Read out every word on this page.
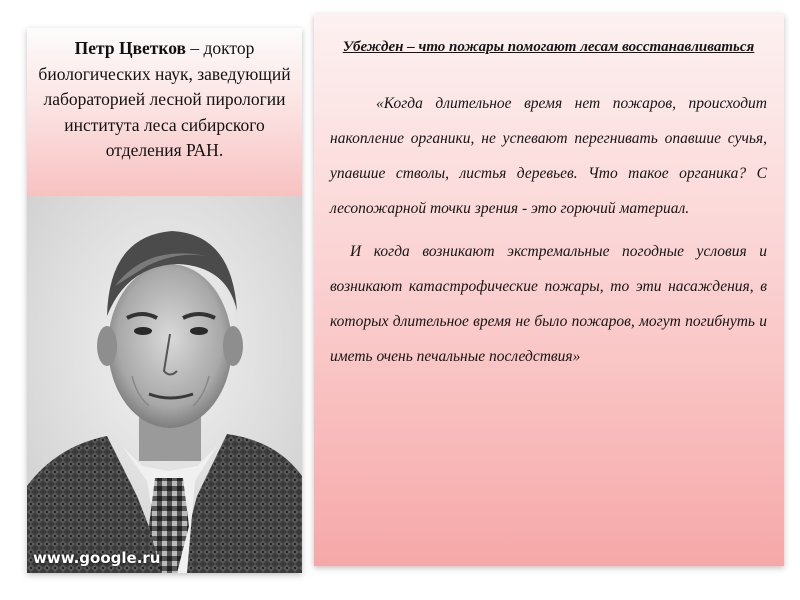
Петр Цветков – доктор биологических наук, заведующий лабораторией лесной пирологии института леса сибирского отделения РАН.
www.google.ru

Убежден – что пожары помогают лесам восстанавливаться

«Когда длительное время нет пожаров, происходит накопление органики, не успевают перегнивать опавшие сучья, упавшие стволы, листья деревьев. Что такое органика? С лесопожарной точки зрения - это горючий материал.

И когда возникают экстремальные погодные условия и возникают катастрофические пожары, то эти насаждения, в которых длительное время не было пожаров, могут погибнуть и иметь очень печальные последствия»
